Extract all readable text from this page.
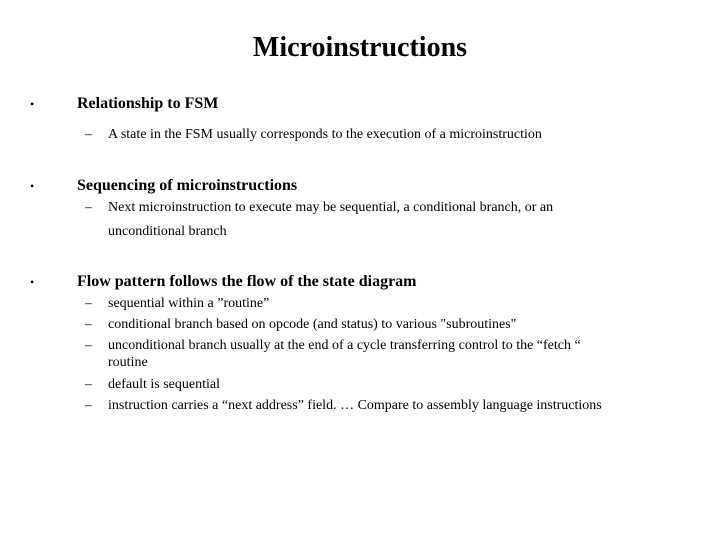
Microinstructions
•	Relationship to FSM
– A state in the FSM usually corresponds to the execution of a microinstruction
•	Sequencing of microinstructions
– Next microinstruction to execute may be sequential, a conditional branch, or an
unconditional branch
•	Flow pattern follows the flow of the state diagram
– sequential within a ”routine”
– conditional branch based on opcode (and status) to various "subroutines"
– unconditional branch usually at the end of a cycle transferring control to the “fetch “
routine
– default is sequential
– instruction carries a “next address” field. … Compare to assembly language instructions
